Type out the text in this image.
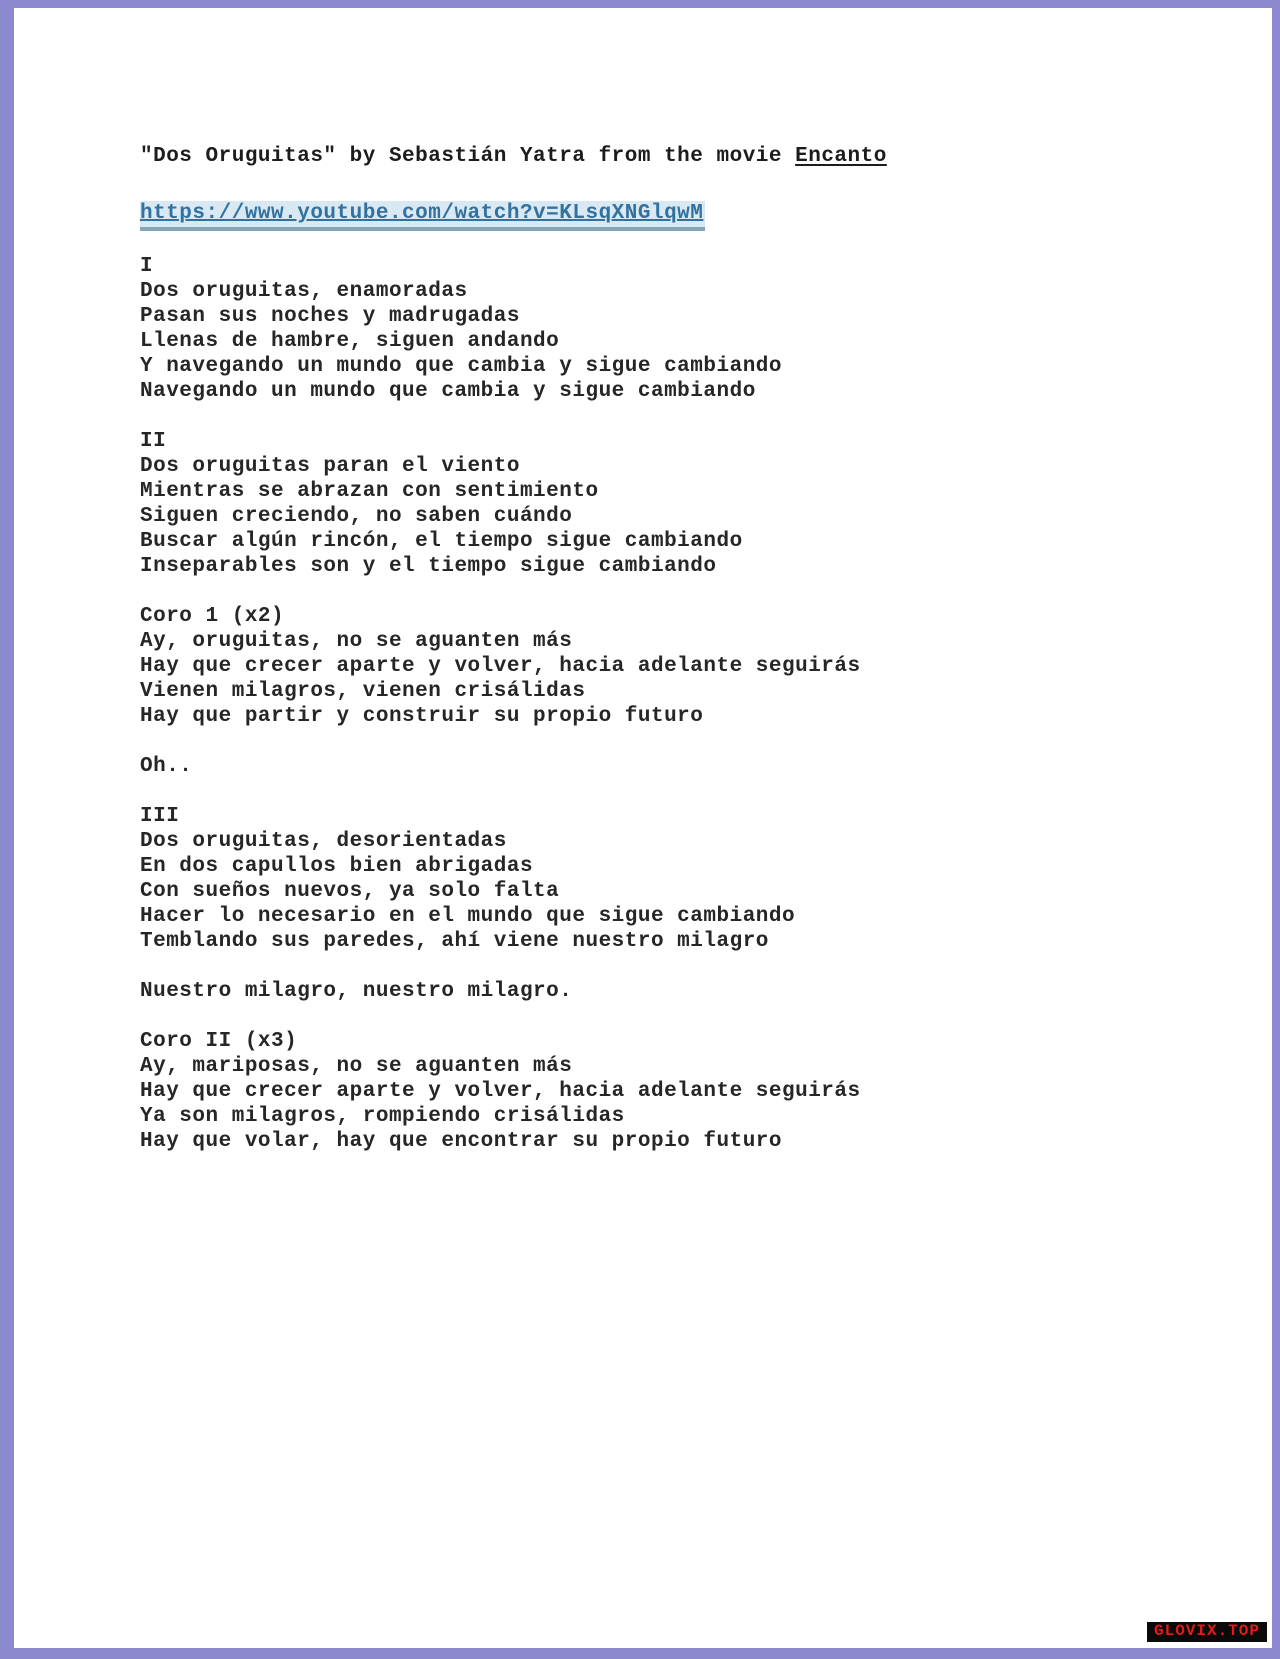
"Dos Oruguitas" by Sebastián Yatra from the movie Encanto

https://www.youtube.com/watch?v=KLsqXNGlqwM

I
Dos oruguitas, enamoradas
Pasan sus noches y madrugadas
Llenas de hambre, siguen andando
Y navegando un mundo que cambia y sigue cambiando
Navegando un mundo que cambia y sigue cambiando
II
Dos oruguitas paran el viento
Mientras se abrazan con sentimiento
Siguen creciendo, no saben cuándo
Buscar algún rincón, el tiempo sigue cambiando
Inseparables son y el tiempo sigue cambiando
Coro 1 (x2)
Ay, oruguitas, no se aguanten más
Hay que crecer aparte y volver, hacia adelante seguirás
Vienen milagros, vienen crisálidas
Hay que partir y construir su propio futuro
Oh..
III
Dos oruguitas, desorientadas
En dos capullos bien abrigadas
Con sueños nuevos, ya solo falta
Hacer lo necesario en el mundo que sigue cambiando
Temblando sus paredes, ahí viene nuestro milagro
Nuestro milagro, nuestro milagro.
Coro II (x3)
Ay, mariposas, no se aguanten más
Hay que crecer aparte y volver, hacia adelante seguirás
Ya son milagros, rompiendo crisálidas
Hay que volar, hay que encontrar su propio futuro
GLOVIX.TOP
